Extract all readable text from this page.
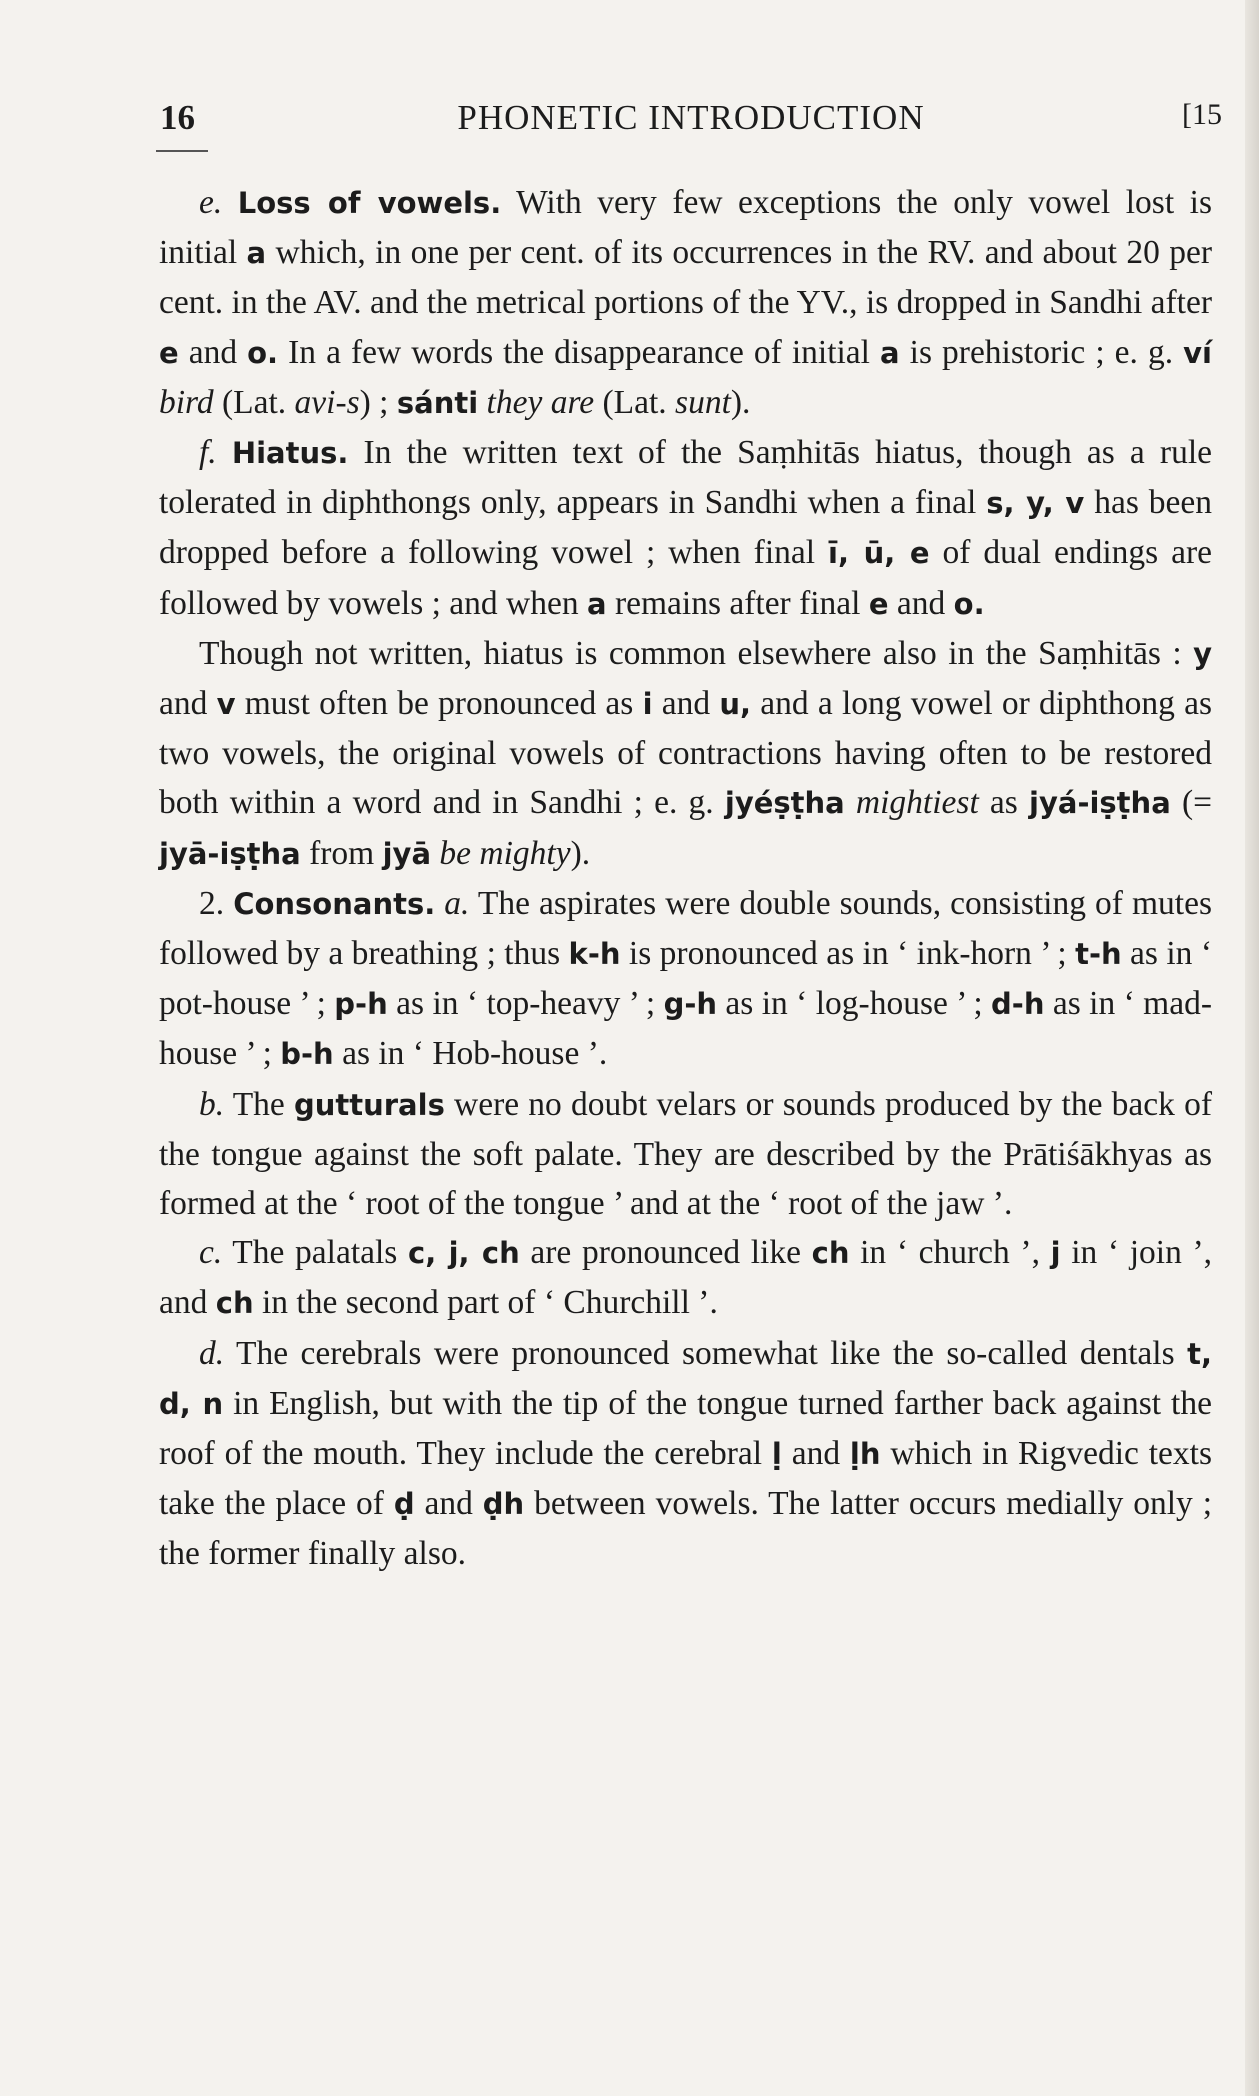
16	PHONETIC INTRODUCTION	[15

e. Loss of vowels. With very few exceptions the only vowel lost is initial a which, in one per cent. of its occurrences in the RV. and about 20 per cent. in the AV. and the metrical portions of the YV., is dropped in Sandhi after e and o. In a few words the disappearance of initial a is prehistoric ; e. g. ví bird (Lat. avi-s) ; sánti they are (Lat. sunt).

f. Hiatus. In the written text of the Saṃhitās hiatus, though as a rule tolerated in diphthongs only, appears in Sandhi when a final s, y, v has been dropped before a following vowel ; when final ī, ū, e of dual endings are followed by vowels ; and when a remains after final e and o.

Though not written, hiatus is common elsewhere also in the Saṃhitās : y and v must often be pronounced as i and u, and a long vowel or diphthong as two vowels, the original vowels of contractions having often to be restored both within a word and in Sandhi ; e. g. jyéṣṭha mightiest as jyá-iṣṭha (= jyā-iṣṭha from jyā be mighty).

2. Consonants. a. The aspirates were double sounds, consisting of mutes followed by a breathing ; thus k-h is pronounced as in ‘ ink-horn ’ ; t-h as in ‘ pot-house ’ ; p-h as in ‘ top-heavy ’ ; g-h as in ‘ log-house ’ ; d-h as in ‘ mad-house ’ ; b-h as in ‘ Hob-house ’.

b. The gutturals were no doubt velars or sounds produced by the back of the tongue against the soft palate. They are described by the Prātiśākhyas as formed at the ‘ root of the tongue ’ and at the ‘ root of the jaw ’.

c. The palatals c, j, ch are pronounced like ch in ‘ church ’, j in ‘ join ’, and ch in the second part of ‘ Churchill ’.

d. The cerebrals were pronounced somewhat like the so-called dentals t, d, n in English, but with the tip of the tongue turned farther back against the roof of the mouth. They include the cerebral ḷ and ḷh which in Rigvedic texts take the place of ḍ and ḍh between vowels. The latter occurs medially only ; the former finally also.
